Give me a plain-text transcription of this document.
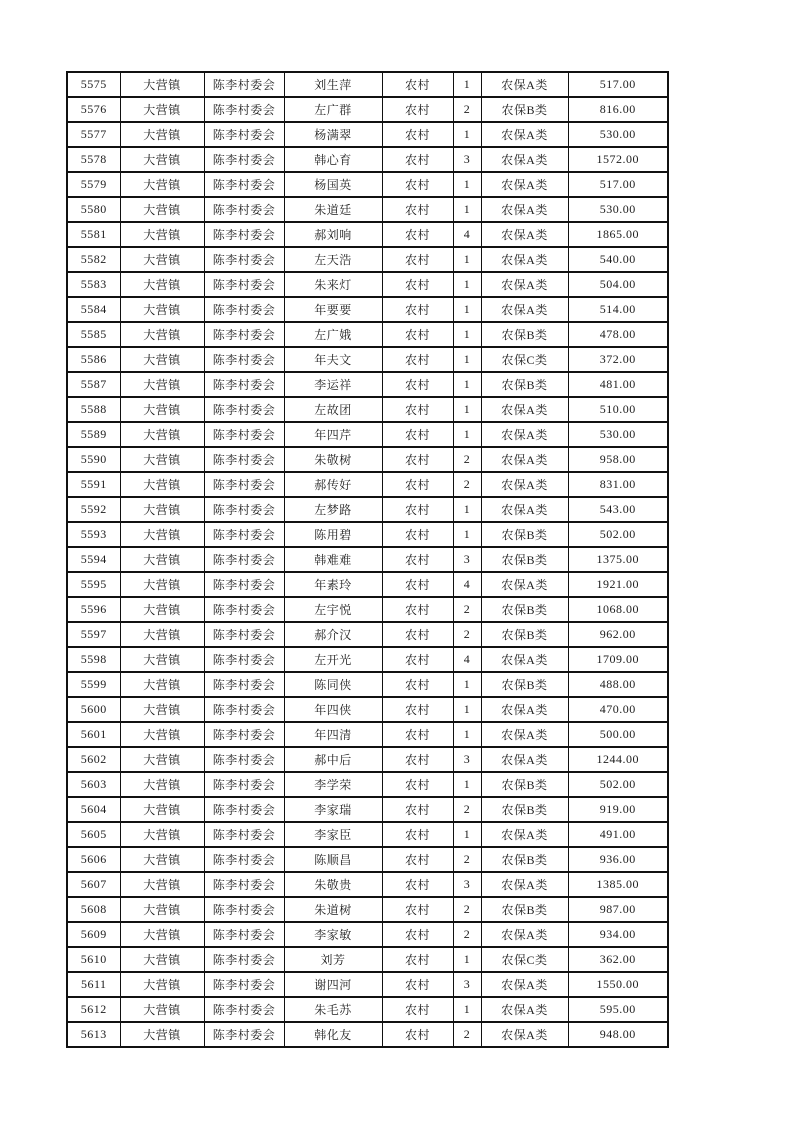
5575	大营镇	陈李村委会	刘生萍	农村	1	农保A类	517.00
5576	大营镇	陈李村委会	左广群	农村	2	农保B类	816.00
5577	大营镇	陈李村委会	杨满翠	农村	1	农保A类	530.00
5578	大营镇	陈李村委会	韩心育	农村	3	农保A类	1572.00
5579	大营镇	陈李村委会	杨国英	农村	1	农保A类	517.00
5580	大营镇	陈李村委会	朱道廷	农村	1	农保A类	530.00
5581	大营镇	陈李村委会	郝刘响	农村	4	农保A类	1865.00
5582	大营镇	陈李村委会	左天浩	农村	1	农保A类	540.00
5583	大营镇	陈李村委会	朱来灯	农村	1	农保A类	504.00
5584	大营镇	陈李村委会	年要要	农村	1	农保A类	514.00
5585	大营镇	陈李村委会	左广娥	农村	1	农保B类	478.00
5586	大营镇	陈李村委会	年夫文	农村	1	农保C类	372.00
5587	大营镇	陈李村委会	李运祥	农村	1	农保B类	481.00
5588	大营镇	陈李村委会	左故团	农村	1	农保A类	510.00
5589	大营镇	陈李村委会	年四芹	农村	1	农保A类	530.00
5590	大营镇	陈李村委会	朱敬树	农村	2	农保A类	958.00
5591	大营镇	陈李村委会	郝传好	农村	2	农保A类	831.00
5592	大营镇	陈李村委会	左梦路	农村	1	农保A类	543.00
5593	大营镇	陈李村委会	陈用碧	农村	1	农保B类	502.00
5594	大营镇	陈李村委会	韩难难	农村	3	农保B类	1375.00
5595	大营镇	陈李村委会	年素玲	农村	4	农保A类	1921.00
5596	大营镇	陈李村委会	左宇悦	农村	2	农保B类	1068.00
5597	大营镇	陈李村委会	郝介汉	农村	2	农保B类	962.00
5598	大营镇	陈李村委会	左开光	农村	4	农保A类	1709.00
5599	大营镇	陈李村委会	陈同侠	农村	1	农保B类	488.00
5600	大营镇	陈李村委会	年四侠	农村	1	农保A类	470.00
5601	大营镇	陈李村委会	年四清	农村	1	农保A类	500.00
5602	大营镇	陈李村委会	郝中后	农村	3	农保A类	1244.00
5603	大营镇	陈李村委会	李学荣	农村	1	农保B类	502.00
5604	大营镇	陈李村委会	李家瑞	农村	2	农保B类	919.00
5605	大营镇	陈李村委会	李家臣	农村	1	农保A类	491.00
5606	大营镇	陈李村委会	陈顺昌	农村	2	农保B类	936.00
5607	大营镇	陈李村委会	朱敬贵	农村	3	农保A类	1385.00
5608	大营镇	陈李村委会	朱道树	农村	2	农保B类	987.00
5609	大营镇	陈李村委会	李家敏	农村	2	农保A类	934.00
5610	大营镇	陈李村委会	刘芳	农村	1	农保C类	362.00
5611	大营镇	陈李村委会	谢四河	农村	3	农保A类	1550.00
5612	大营镇	陈李村委会	朱毛苏	农村	1	农保A类	595.00
5613	大营镇	陈李村委会	韩化友	农村	2	农保A类	948.00
